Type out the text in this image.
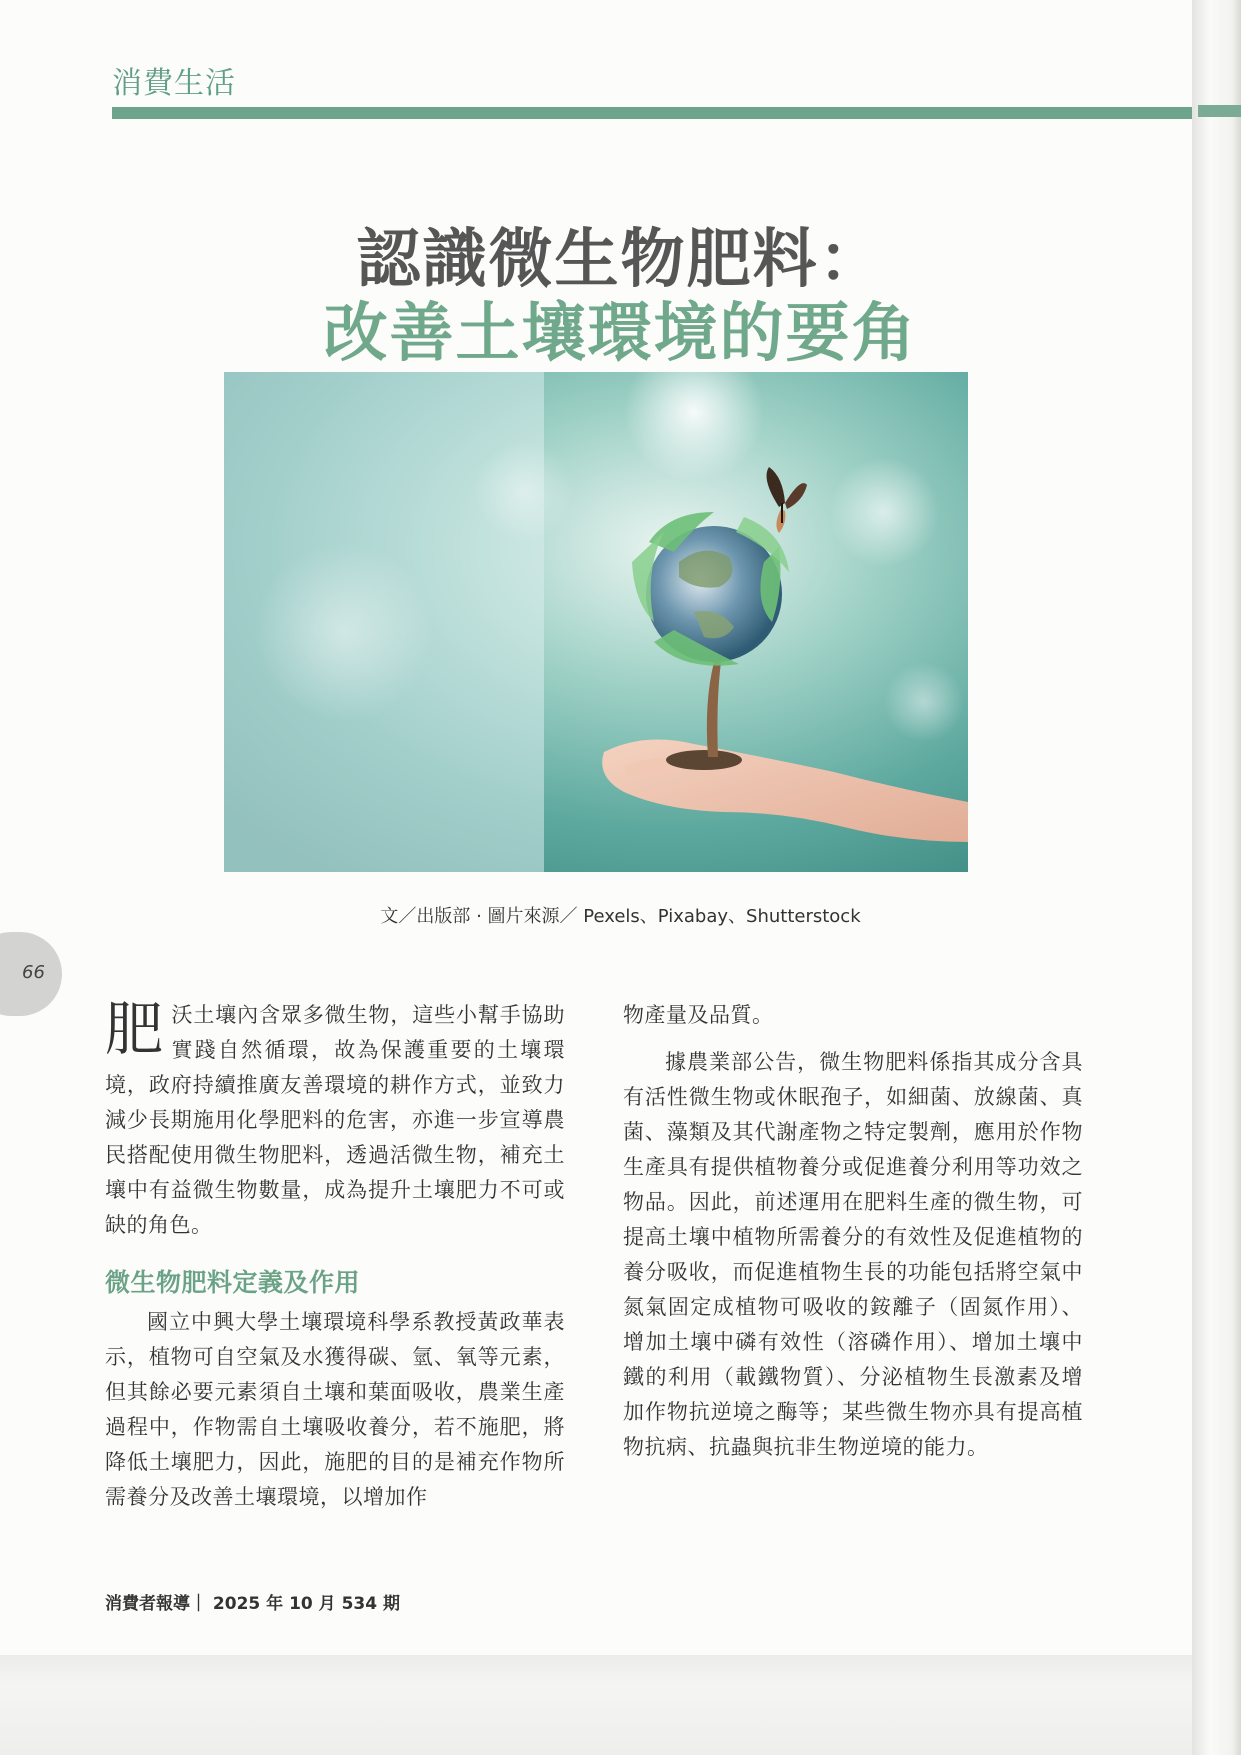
消費生活
認識微生物肥料：
改善土壤環境的要角
文／出版部 · 圖片來源／ Pexels、Pixabay、Shutterstock
66

肥沃土壤內含眾多微生物，這些小幫手協助實踐自然循環，故為保護重要的土壤環境，政府持續推廣友善環境的耕作方式，並致力減少長期施用化學肥料的危害，亦進一步宣導農民搭配使用微生物肥料，透過活微生物，補充土壤中有益微生物數量，成為提升土壤肥力不可或缺的角色。

微生物肥料定義及作用

國立中興大學土壤環境科學系教授黃政華表示，植物可自空氣及水獲得碳、氫、氧等元素，但其餘必要元素須自土壤和葉面吸收，農業生產過程中，作物需自土壤吸收養分，若不施肥，將降低土壤肥力，因此，施肥的目的是補充作物所需養分及改善土壤環境，以增加作

物產量及品質。

據農業部公告，微生物肥料係指其成分含具有活性微生物或休眠孢子，如細菌、放線菌、真菌、藻類及其代謝產物之特定製劑，應用於作物生產具有提供植物養分或促進養分利用等功效之物品。因此，前述運用在肥料生產的微生物，可提高土壤中植物所需養分的有效性及促進植物的養分吸收，而促進植物生長的功能包括將空氣中氮氣固定成植物可吸收的銨離子（固氮作用）、增加土壤中磷有效性（溶磷作用）、增加土壤中鐵的利用（載鐵物質）、分泌植物生長激素及增加作物抗逆境之酶等；某些微生物亦具有提高植物抗病、抗蟲與抗非生物逆境的能力。

消費者報導｜ 2025 年 10 月 534 期
